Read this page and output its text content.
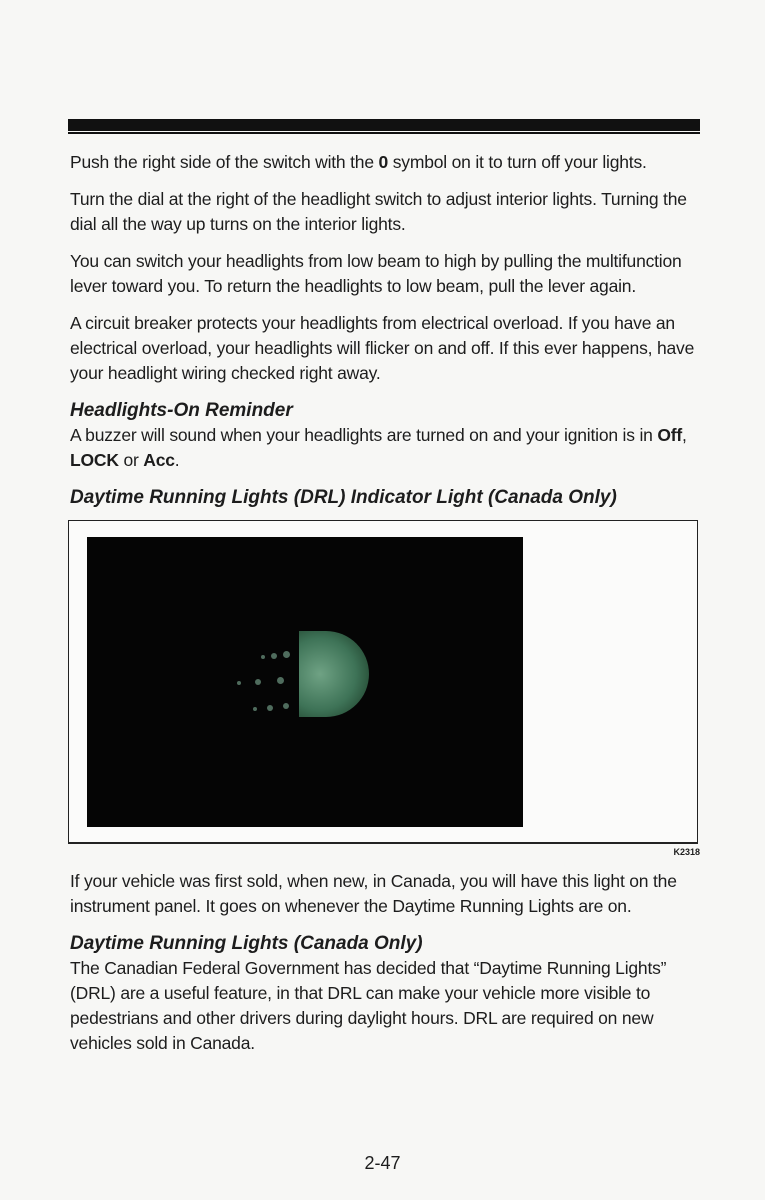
Push the right side of the switch with the 0 symbol on it to turn off your lights.

Turn the dial at the right of the headlight switch to adjust interior lights. Turning the dial all the way up turns on the interior lights.

You can switch your headlights from low beam to high by pulling the multifunction lever toward you. To return the headlights to low beam, pull the lever again.

A circuit breaker protects your headlights from electrical overload. If you have an electrical overload, your headlights will flicker on and off. If this ever happens, have your headlight wiring checked right away.

Headlights-On Reminder

A buzzer will sound when your headlights are turned on and your ignition is in Off, LOCK or Acc.

Daytime Running Lights (DRL) Indicator Light (Canada Only)
K2318

If your vehicle was first sold, when new, in Canada, you will have this light on the instrument panel. It goes on whenever the Daytime Running Lights are on.

Daytime Running Lights (Canada Only)

The Canadian Federal Government has decided that “Daytime Running Lights” (DRL) are a useful feature, in that DRL can make your vehicle more visible to pedestrians and other drivers during daylight hours. DRL are required on new vehicles sold in Canada.

2-47
